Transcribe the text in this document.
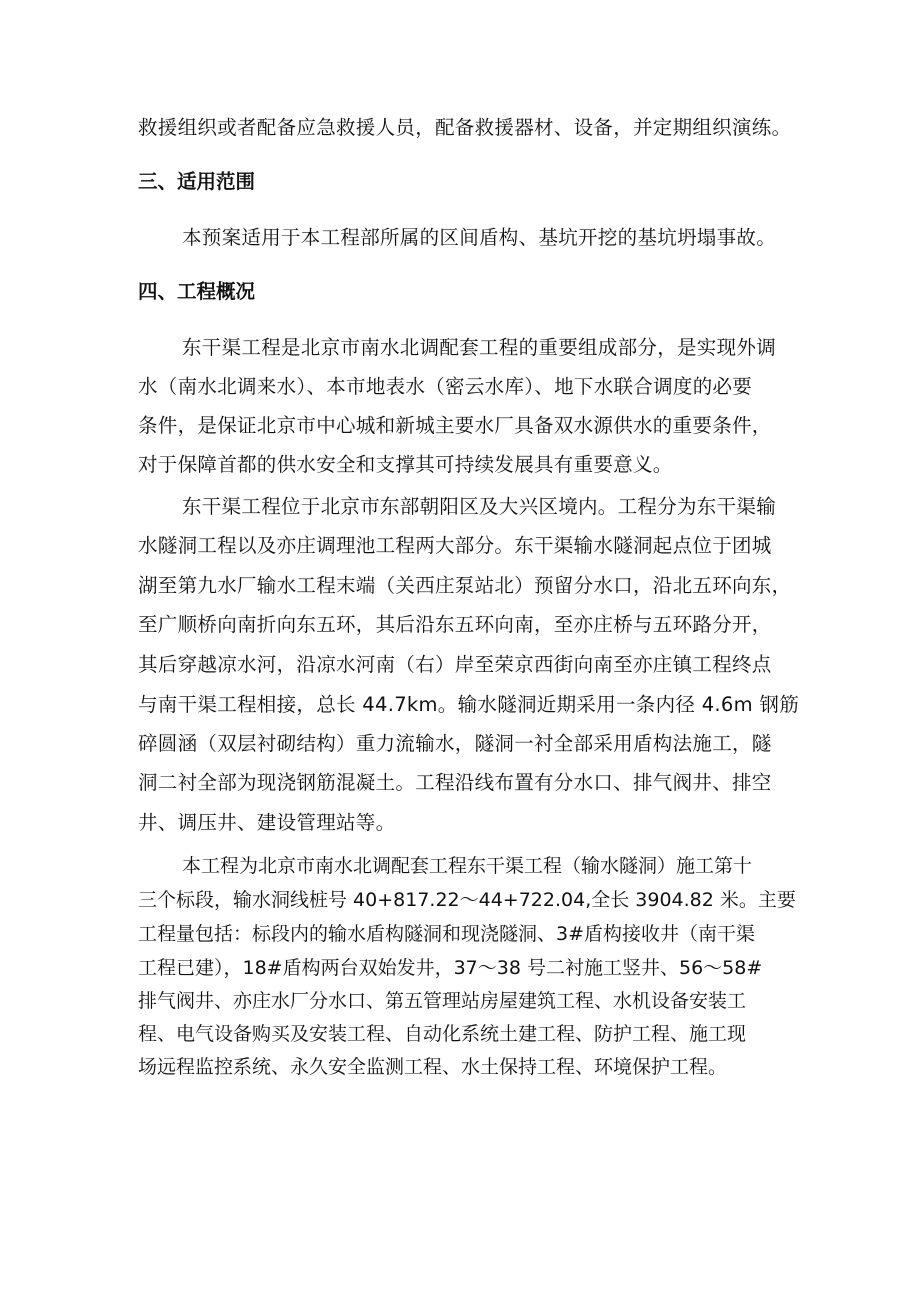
救援组织或者配备应急救援人员，配备救援器材、设备，并定期组织演练。
三、适用范围
本预案适用于本工程部所属的区间盾构、基坑开挖的基坑坍塌事故。
四、工程概况
东干渠工程是北京市南水北调配套工程的重要组成部分，是实现外调
水（南水北调来水）、本市地表水（密云水库）、地下水联合调度的必要
条件，是保证北京市中心城和新城主要水厂具备双水源供水的重要条件，
对于保障首都的供水安全和支撑其可持续发展具有重要意义。
东干渠工程位于北京市东部朝阳区及大兴区境内。工程分为东干渠输
水隧洞工程以及亦庄调理池工程两大部分。东干渠输水隧洞起点位于团城
湖至第九水厂输水工程末端（关西庄泵站北）预留分水口，沿北五环向东，
至广顺桥向南折向东五环，其后沿东五环向南，至亦庄桥与五环路分开，
其后穿越凉水河，沿凉水河南（右）岸至荣京西街向南至亦庄镇工程终点
与南干渠工程相接，总长 44.7km。输水隧洞近期采用一条内径 4.6m 钢筋
碎圆涵（双层衬砌结构）重力流输水，隧洞一衬全部采用盾构法施工，隧
洞二衬全部为现浇钢筋混凝土。工程沿线布置有分水口、排气阀井、排空
井、调压井、建设管理站等。
本工程为北京市南水北调配套工程东干渠工程（输水隧洞）施工第十
三个标段，输水洞线桩号 40+817.22～44+722.04,全长 3904.82 米。主要
工程量包括：标段内的输水盾构隧洞和现浇隧洞、3#盾构接收井（南干渠
工程已建），18#盾构两台双始发井，37～38 号二衬施工竖井、56～58#
排气阀井、亦庄水厂分水口、第五管理站房屋建筑工程、水机设备安装工
程、电气设备购买及安装工程、自动化系统土建工程、防护工程、施工现
场远程监控系统、永久安全监测工程、水土保持工程、环境保护工程。
